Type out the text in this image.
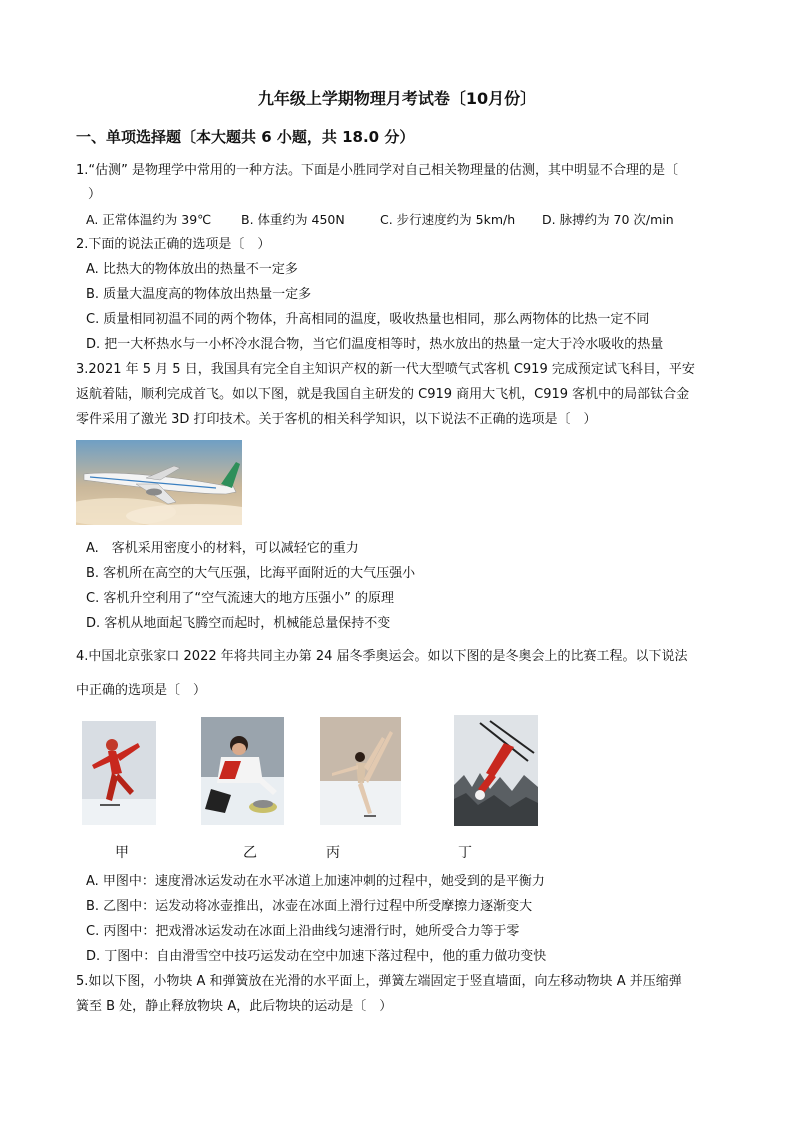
九年级上学期物理月考试卷〔10月份〕
一、单项选择题〔本大题共 6 小题，共 18.0 分）
1.“估测” 是物理学中常用的一种方法。下面是小胜同学对自己相关物理量的估测，其中明显不合理的是〔
）
A. 正常体温约为 39℃ B. 体重约为 450N	C. 步行速度约为 5km/h D. 脉搏约为 70 次/min
2.下面的说法正确的选项是〔　）
A. 比热大的物体放出的热量不一定多
B. 质量大温度高的物体放出热量一定多
C. 质量相同初温不同的两个物体，升高相同的温度，吸收热量也相同，那么两物体的比热一定不同
D. 把一大杯热水与一小杯冷水混合物，当它们温度相等时，热水放出的热量一定大于冷水吸收的热量
3.2021 年 5 月 5 日，我国具有完全自主知识产权的新一代大型喷气式客机 C919 完成预定试飞科目，平安
返航着陆，顺利完成首飞。如以下图，就是我国自主研发的 C919 商用大飞机，C919 客机中的局部钛合金
零件采用了激光 3D 打印技术。关于客机的相关科学知识，以下说法不正确的选项是〔　）
A.　客机采用密度小的材料，可以减轻它的重力
B. 客机所在高空的大气压强，比海平面附近的大气压强小
C. 客机升空利用了“空气流速大的地方压强小” 的原理
D. 客机从地面起飞腾空而起时，机械能总量保持不变
4.中国北京张家口 2022 年将共同主办第 24 届冬季奥运会。如以下图的是冬奥会上的比赛工程。以下说法
中正确的选项是〔　）
甲	乙	丙	丁
A. 甲图中：速度滑冰运发动在水平冰道上加速冲刺的过程中，她受到的是平衡力
B. 乙图中：运发动将冰壶推出，冰壶在冰面上滑行过程中所受摩擦力逐渐变大
C. 丙图中：把戏滑冰运发动在冰面上沿曲线匀速滑行时，她所受合力等于零
D. 丁图中：自由滑雪空中技巧运发动在空中加速下落过程中，他的重力做功变快
5.如以下图，小物块 A 和弹簧放在光滑的水平面上，弹簧左端固定于竖直墙面，向左移动物块 A 并压缩弹
簧至 B 处，静止释放物块 A，此后物块的运动是〔　）
